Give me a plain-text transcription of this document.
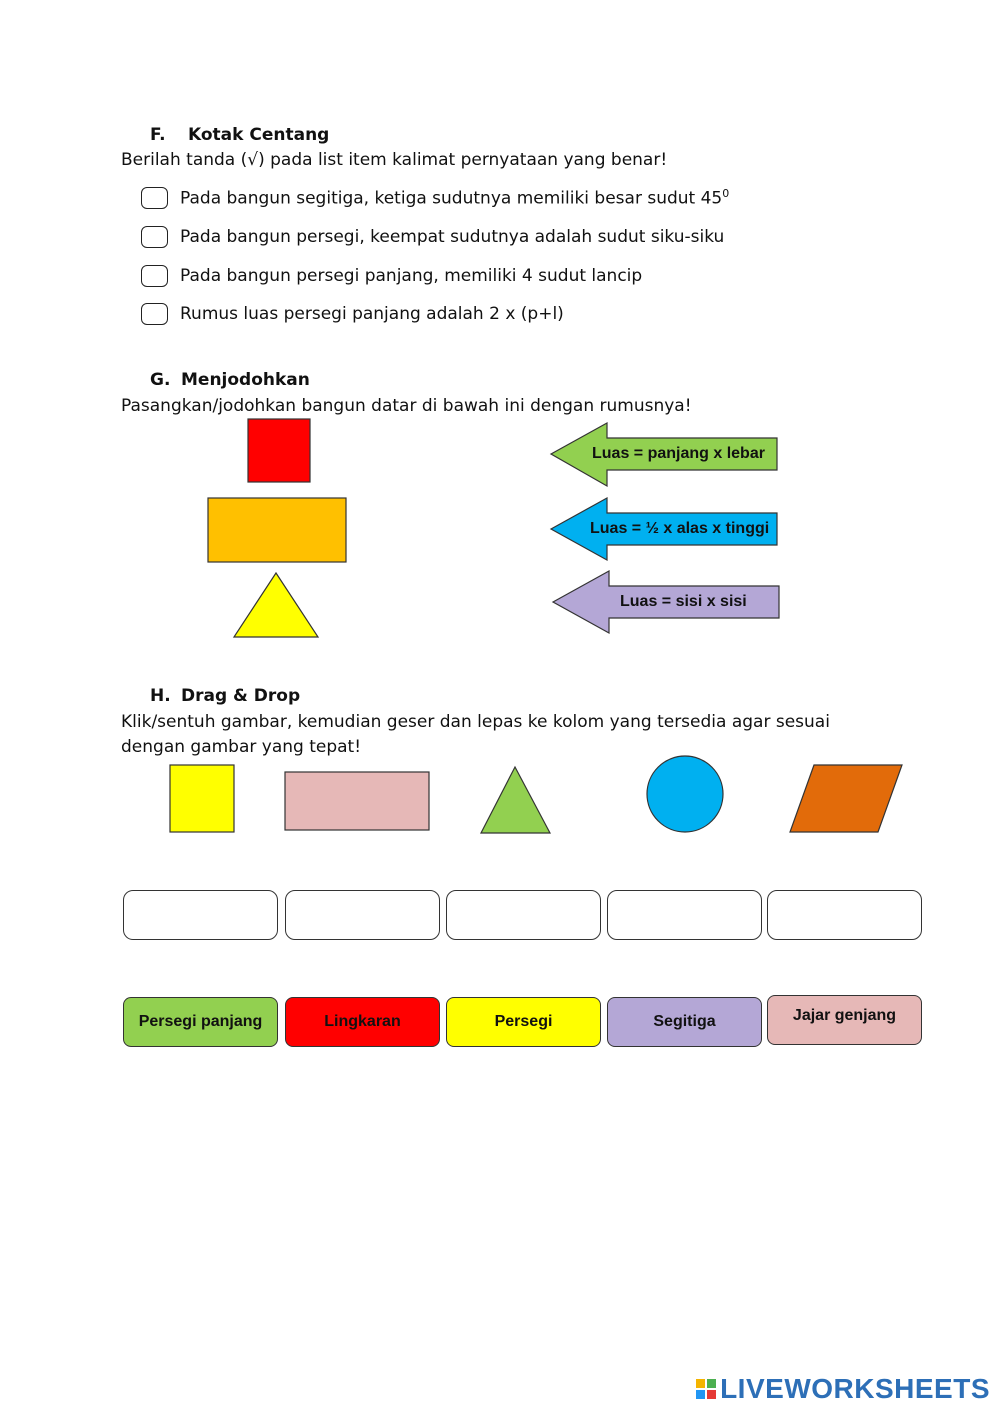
F. Kotak Centang
Berilah tanda (√) pada list item kalimat pernyataan yang benar!
Pada bangun segitiga, ketiga sudutnya memiliki besar sudut $45^0$
Pada bangun persegi, keempat sudutnya adalah sudut siku-siku
Pada bangun persegi panjang, memiliki 4 sudut lancip
Rumus luas persegi panjang adalah 2 x (p+l)
G. Menjodohkan
Pasangkan/jodohkan bangun datar di bawah ini dengan rumusnya!
Luas = panjang x lebar
Luas = ½ x alas x tinggi
Luas = sisi x sisi
H. Drag & Drop
Klik/sentuh gambar, kemudian geser dan lepas ke kolom yang tersedia agar sesuai
dengan gambar yang tepat!
Persegi panjang	Lingkaran	Persegi	Segitiga	Jajar genjang
LIVEWORKSHEETS
